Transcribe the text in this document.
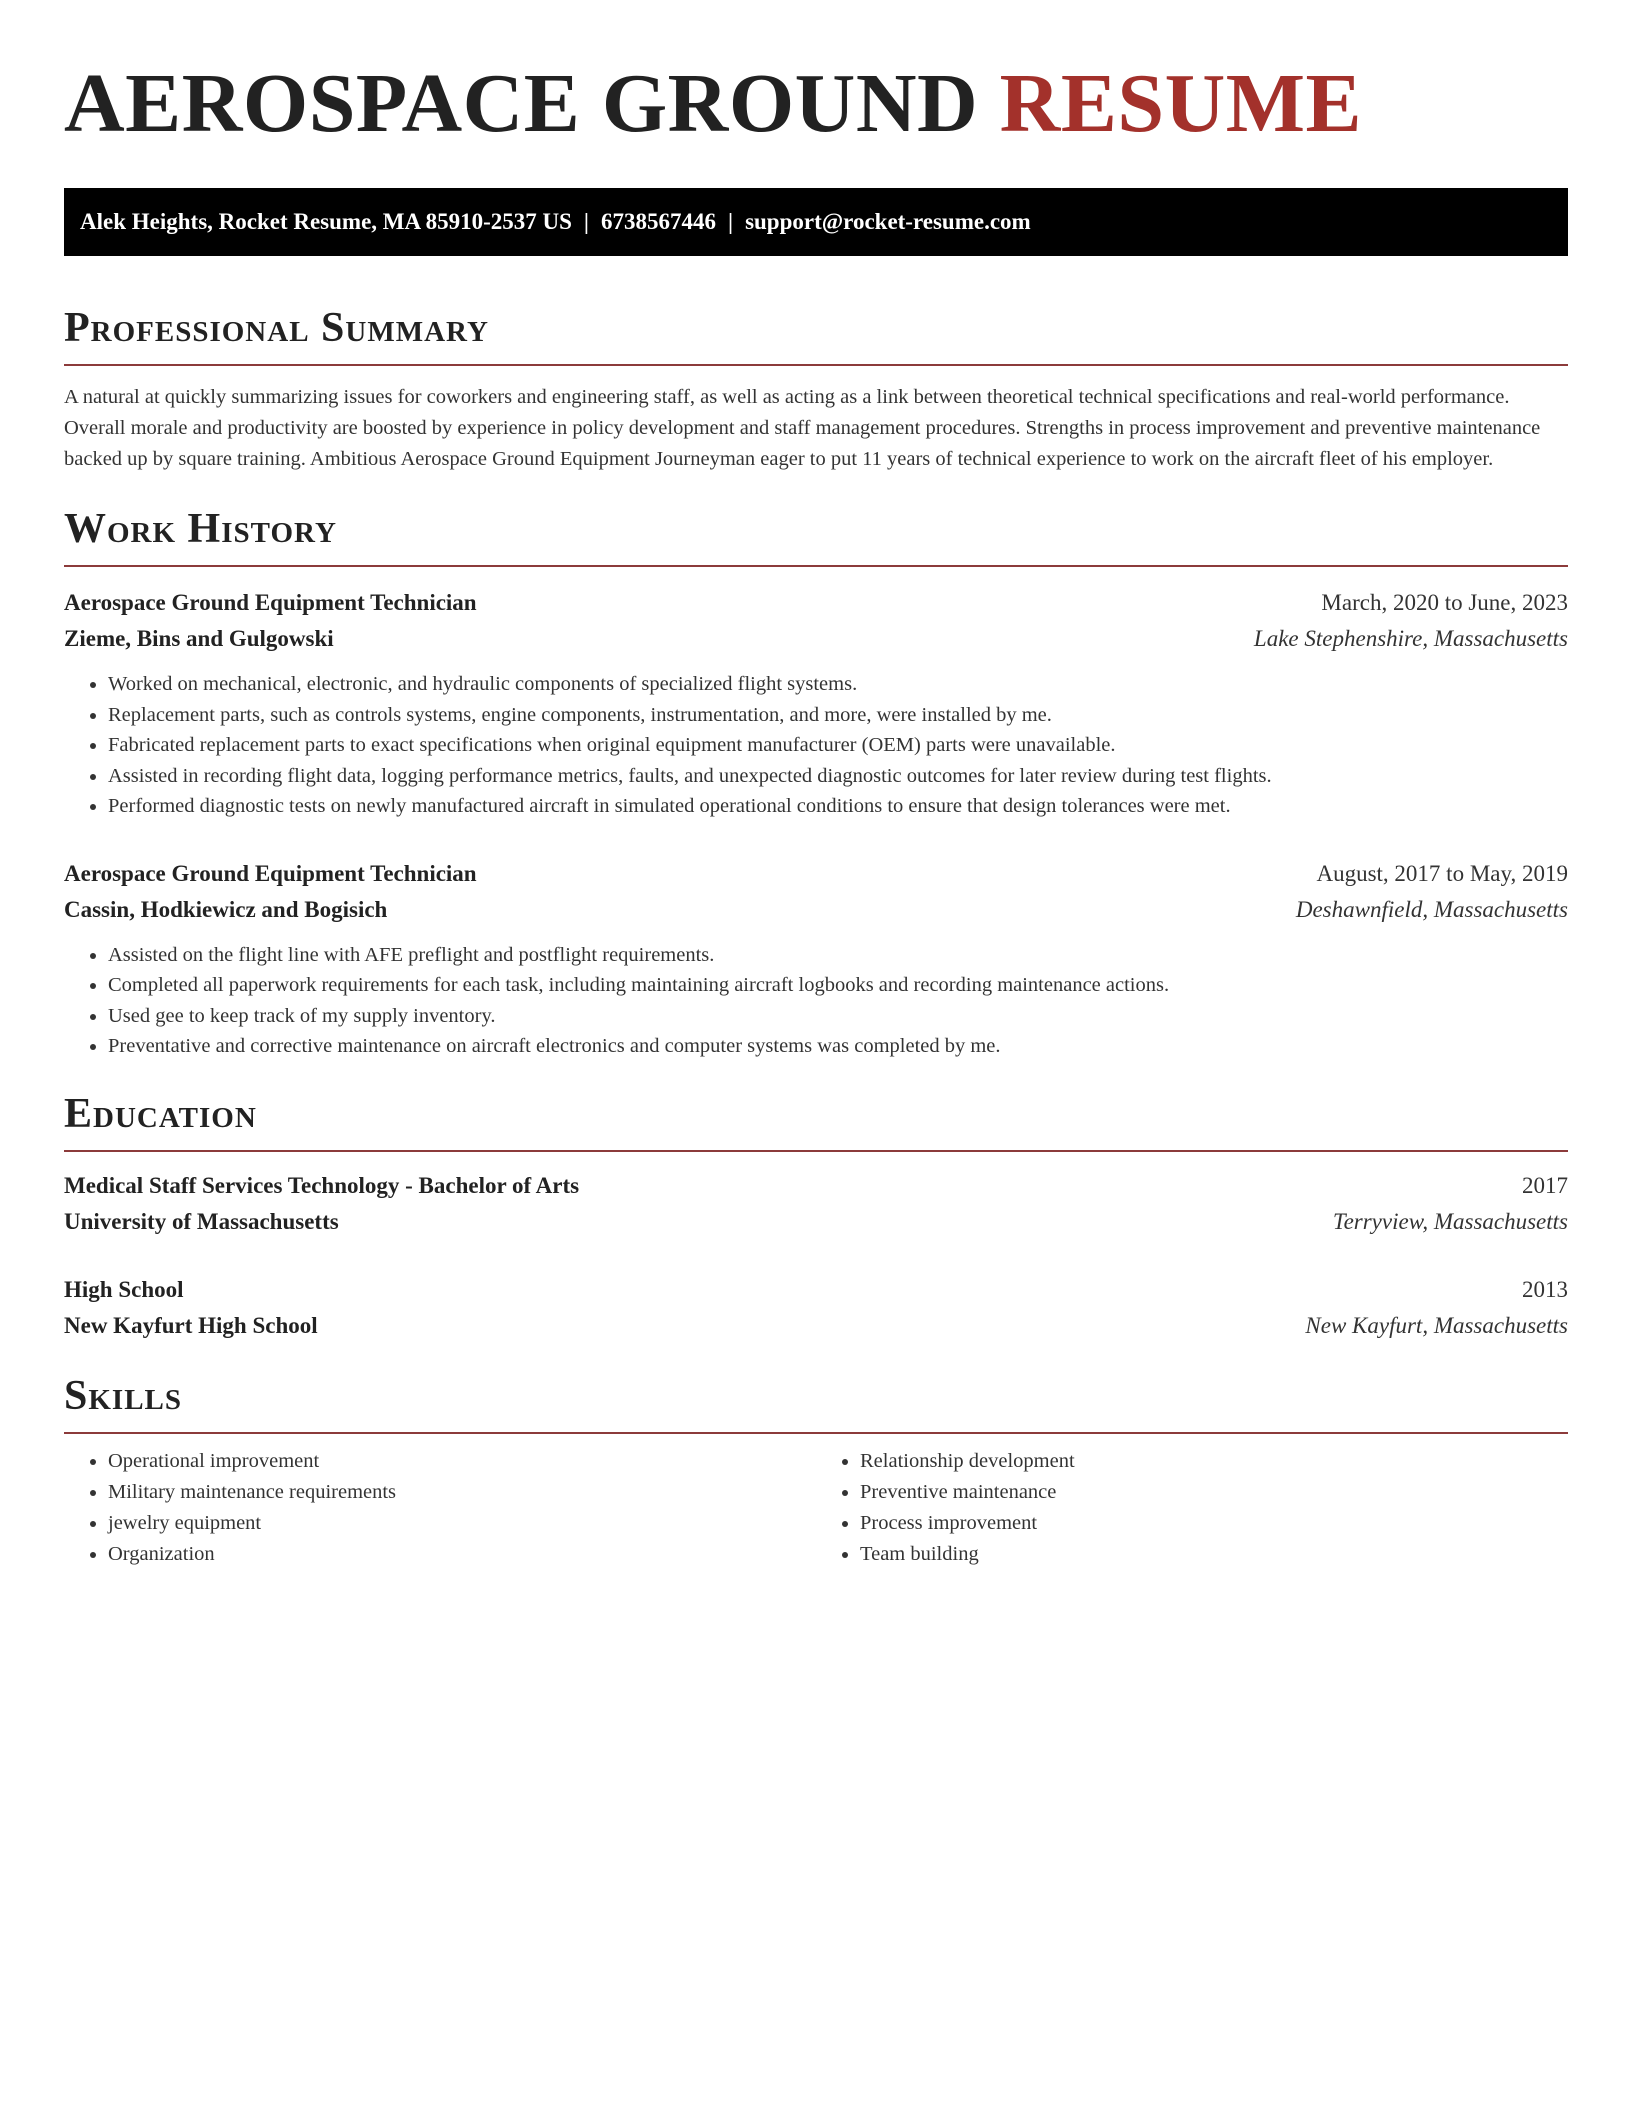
AEROSPACE GROUND RESUME
Alek Heights, Rocket Resume, MA 85910-2537 US | 6738567446 | support@rocket-resume.com
Professional Summary

A natural at quickly summarizing issues for coworkers and engineering staff, as well as acting as a link between theoretical technical specifications and real-world performance. Overall morale and productivity are boosted by experience in policy development and staff management procedures. Strengths in process improvement and preventive maintenance backed up by square training. Ambitious Aerospace Ground Equipment Journeyman eager to put 11 years of technical experience to work on the aircraft fleet of his employer.

Work History
Aerospace Ground Equipment Technician	March, 2020 to June, 2023
Zieme, Bins and Gulgowski	Lake Stephenshire, Massachusetts
• Worked on mechanical, electronic, and hydraulic components of specialized flight systems.
• Replacement parts, such as controls systems, engine components, instrumentation, and more, were installed by me.
• Fabricated replacement parts to exact specifications when original equipment manufacturer (OEM) parts were unavailable.
• Assisted in recording flight data, logging performance metrics, faults, and unexpected diagnostic outcomes for later review during test flights.
• Performed diagnostic tests on newly manufactured aircraft in simulated operational conditions to ensure that design tolerances were met.
Aerospace Ground Equipment Technician	August, 2017 to May, 2019
Cassin, Hodkiewicz and Bogisich	Deshawnfield, Massachusetts
• Assisted on the flight line with AFE preflight and postflight requirements.
• Completed all paperwork requirements for each task, including maintaining aircraft logbooks and recording maintenance actions.
• Used gee to keep track of my supply inventory.
• Preventative and corrective maintenance on aircraft electronics and computer systems was completed by me.
Education
Medical Staff Services Technology - Bachelor of Arts	2017
University of Massachusetts	Terryview, Massachusetts
High School	2013
New Kayfurt High School	New Kayfurt, Massachusetts
Skills
• Operational improvement
• Military maintenance requirements
• jewelry equipment
• Organization
• Relationship development
• Preventive maintenance
• Process improvement
• Team building
